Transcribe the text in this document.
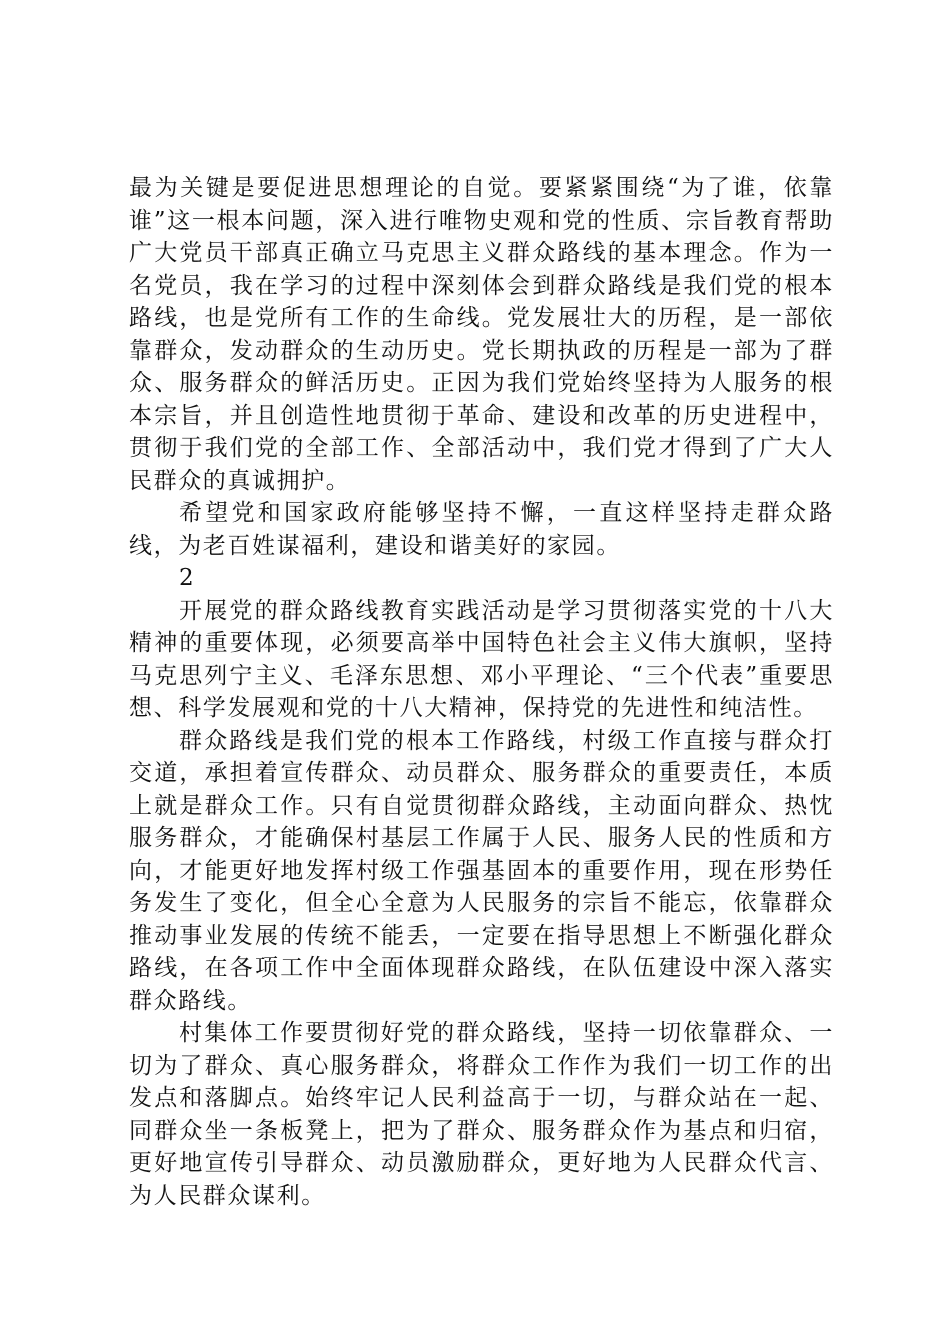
最为关键是要促进思想理论的自觉。要紧紧围绕“为了谁，依靠谁”这一根本问题，深入进行唯物史观和党的性质、宗旨教育帮助广大党员干部真正确立马克思主义群众路线的基本理念。作为一名党员，我在学习的过程中深刻体会到群众路线是我们党的根本路线，也是党所有工作的生命线。党发展壮大的历程，是一部依靠群众，发动群众的生动历史。党长期执政的历程是一部为了群众、服务群众的鲜活历史。正因为我们党始终坚持为人服务的根本宗旨，并且创造性地贯彻于革命、建设和改革的历史进程中，贯彻于我们党的全部工作、全部活动中，我们党才得到了广大人民群众的真诚拥护。

希望党和国家政府能够坚持不懈，一直这样坚持走群众路线，为老百姓谋福利，建设和谐美好的家园。

2

开展党的群众路线教育实践活动是学习贯彻落实党的十八大精神的重要体现，必须要高举中国特色社会主义伟大旗帜，坚持马克思列宁主义、毛泽东思想、邓小平理论、“三个代表”重要思想、科学发展观和党的十八大精神，保持党的先进性和纯洁性。

群众路线是我们党的根本工作路线，村级工作直接与群众打交道，承担着宣传群众、动员群众、服务群众的重要责任，本质上就是群众工作。只有自觉贯彻群众路线，主动面向群众、热忱服务群众，才能确保村基层工作属于人民、服务人民的性质和方向，才能更好地发挥村级工作强基固本的重要作用，现在形势任务发生了变化，但全心全意为人民服务的宗旨不能忘，依靠群众推动事业发展的传统不能丢，一定要在指导思想上不断强化群众路线，在各项工作中全面体现群众路线，在队伍建设中深入落实群众路线。

村集体工作要贯彻好党的群众路线，坚持一切依靠群众、一切为了群众、真心服务群众，将群众工作作为我们一切工作的出发点和落脚点。始终牢记人民利益高于一切，与群众站在一起、同群众坐一条板凳上，把为了群众、服务群众作为基点和归宿，更好地宣传引导群众、动员激励群众，更好地为人民群众代言、为人民群众谋利。
